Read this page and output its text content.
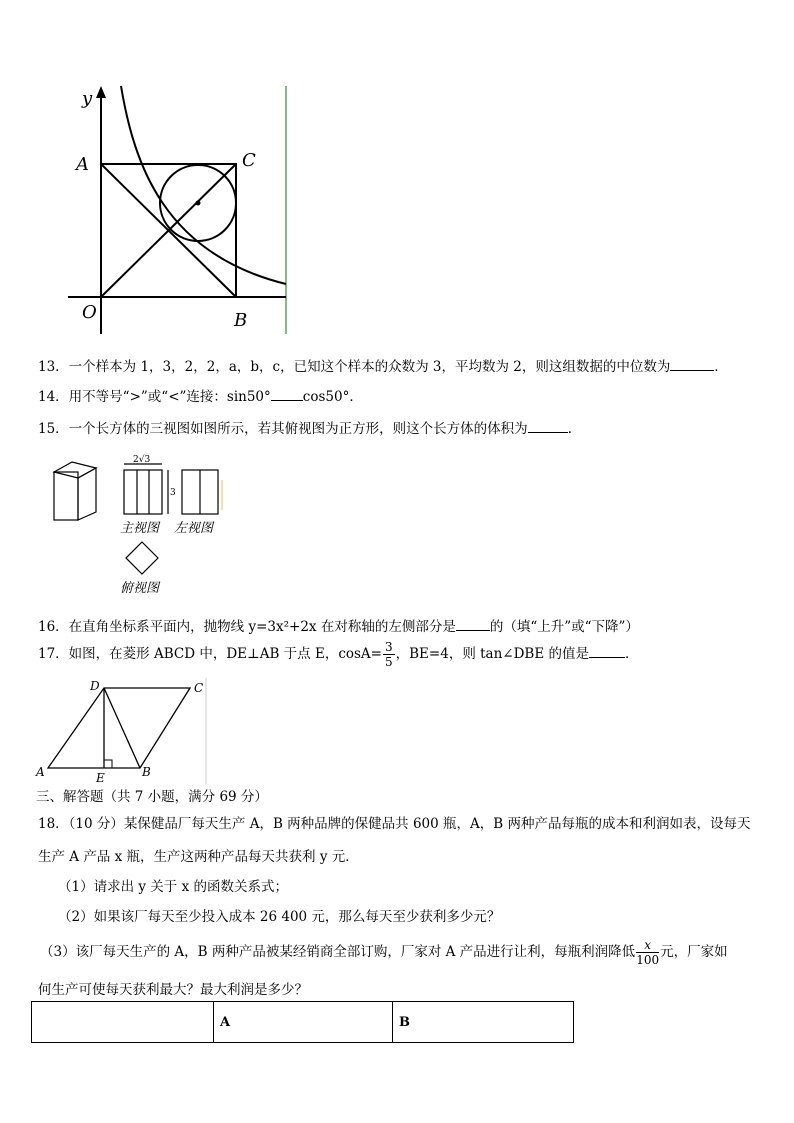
y
A	C
O	B
13．一个样本为 1，3，2，2，a，b，c，已知这个样本的众数为 3，平均数为 2，则这组数据的中位数为	．
14．用不等号“>”或“<”连接：sin50° cos50°．
15．一个长方体的三视图如图所示，若其俯视图为正方形，则这个长方体的体积为	．
2√3
3
主视图 左视图
俯视图
16．在直角坐标系平面内，抛物线 y=3x²+2x 在对称轴的左侧部分是	的（填“上升”或“下降”）
17．如图，在菱形 ABCD 中，DE⊥AB 于点 E，$\cos A= \frac{3}{5}$ ，BE=4，则 tan∠DBE 的值是	．
D	C
A	E	B
三、解答题（共 7 小题，满分 69 分）
18．（10 分）某保健品厂每天生产 A，B 两种品牌的保健品共 600 瓶，A，B 两种产品每瓶的成本和利润如表，设每天
生产 A 产品 x 瓶，生产这两种产品每天共获利 y 元．
（1）请求出 y 关于 x 的函数关系式；
（2）如果该厂每天至少投入成本 26 400 元，那么每天至少获利多少元？
（3）该厂每天生产的 A，B 两种产品被某经销商全部订购，厂家对 A 产品进行让利，每瓶利润降低 $\frac{x}{100}$ 元，厂家如
何生产可使每天获利最大？最大利润是多少？
	A	B
